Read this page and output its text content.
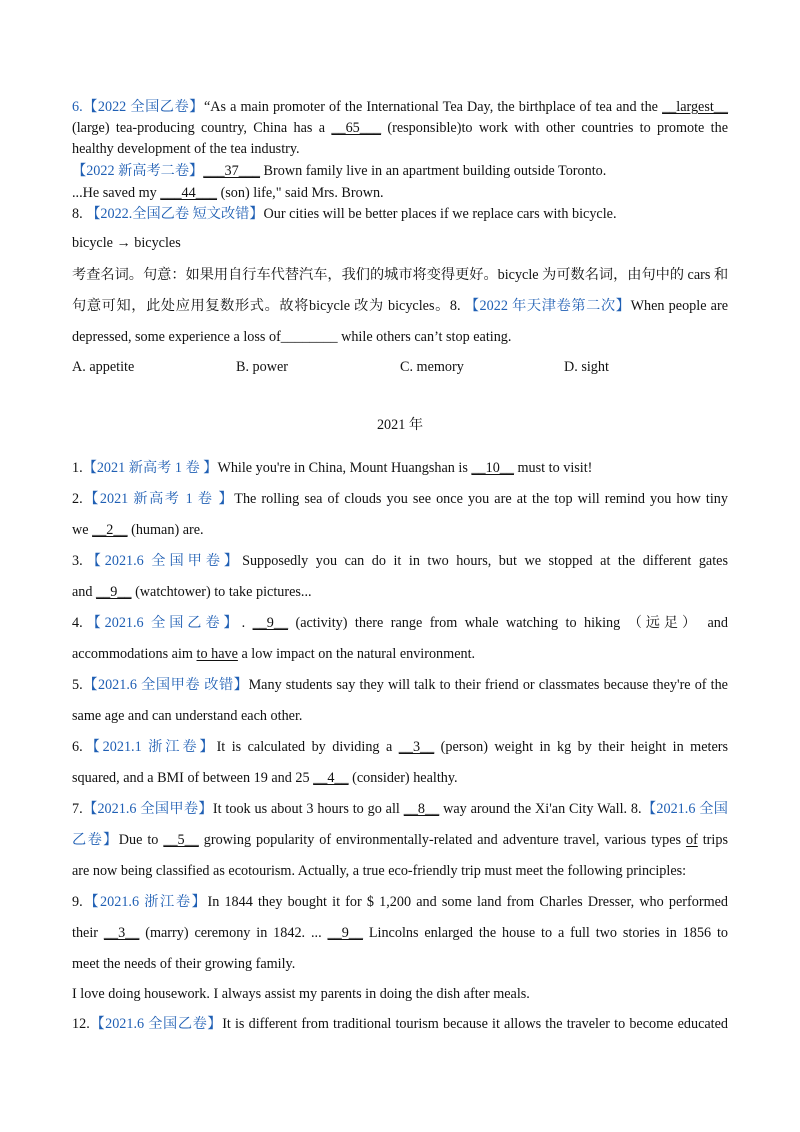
6.【2022 全国乙卷】“As a main promoter of the International Tea Day, the birthplace of tea and the __largest__
(large) tea-producing country, China has a __65___ (responsible)to work with other countries to promote the
healthy development of the tea industry.
【2022 新高考二卷】___37___ Brown family live in an apartment building outside Toronto.
...He saved my ___44___ (son) life," said Mrs. Brown.
8. 【2022.全国乙卷 短文改错】Our cities will be better places if we replace cars with bicycle.
bicycle → bicycles
考查名词。句意：如果用自行车代替汽车，我们的城市将变得更好。bicycle 为可数名词，由句中的 cars 和
句意可知，此处应用复数形式。故将bicycle 改为 bicycles。8. 【2022 年天津卷第二次】When people are
depressed, some experience a loss of________ while others can’t stop eating.
A. appetite	B. power	C. memory	D. sight
2021 年
1.【2021 新高考 1 卷 】While you're in China, Mount Huangshan is __10__ must to visit!
2.【2021 新高考 1 卷 】The rolling sea of clouds you see once you are at the top will remind you how tiny
we __2__ (human) are.
3.【2021.6 全国甲卷】Supposedly you can do it in two hours, but we stopped at the different gates
and __9__ (watchtower) to take pictures...
4.【2021.6 全国乙卷】. __9__ (activity) there range from whale watching to hiking （远足） and
accommodations aim to have a low impact on the natural environment.
5.【2021.6 全国甲卷 改错】Many students say they will talk to their friend or classmates because they're of the
same age and can understand each other.
6.【2021.1 浙江卷】It is calculated by dividing a __3__ (person) weight in kg by their height in meters
squared, and a BMI of between 19 and 25 __4__ (consider) healthy.
7.【2021.6 全国甲卷】It took us about 3 hours to go all __8__ way around the Xi'an City Wall. 8.【2021.6 全国
乙卷】Due to __5__ growing popularity of environmentally-related and adventure travel, various types of trips
are now being classified as ecotourism. Actually, a true eco-friendly trip must meet the following principles:
9.【2021.6 浙江卷】In 1844 they bought it for $ 1,200 and some land from Charles Dresser, who performed
their __3__ (marry) ceremony in 1842. ... __9__ Lincolns enlarged the house to a full two stories in 1856 to
meet the needs of their growing family.
I love doing housework. I always assist my parents in doing the dish after meals.
12.【2021.6 全国乙卷】It is different from traditional tourism because it allows the traveler to become educated
